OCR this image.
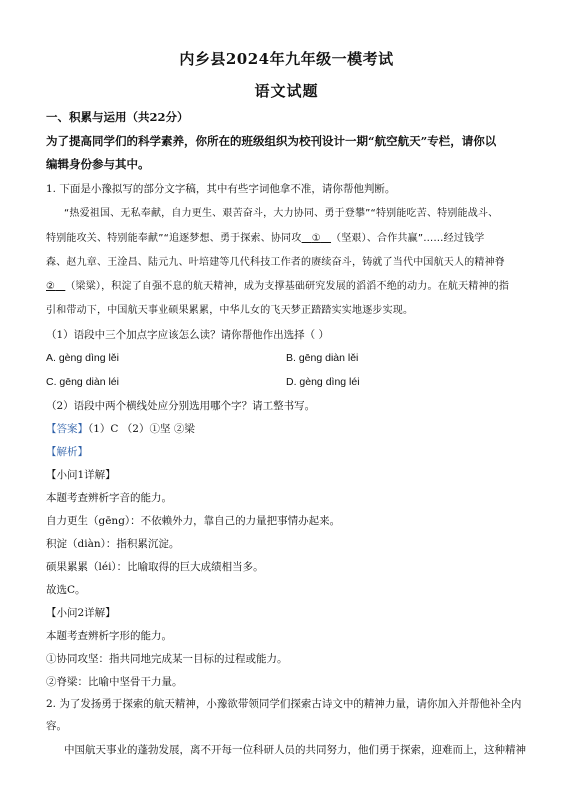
内乡县2024年九年级一模考试
语文试题
一、积累与运用（共22分）
为了提高同学们的科学素养，你所在的班级组织为校刊设计一期“航空航天”专栏，请你以
编辑身份参与其中。
1. 下面是小豫拟写的部分文字稿，其中有些字词他拿不准，请你帮他判断。
“热爱祖国、无私奉献，自力更生、艰苦奋斗，大力协同、勇于登攀”“特别能吃苦、特别能战斗、
特别能攻关、特别能奉献”“追逐梦想、勇于探索、协同攻 ① （坚艰）、合作共赢”……经过钱学
森、赵九章、王淦昌、陆元九、叶培建等几代科技工作者的赓续奋斗，铸就了当代中国航天人的精神脊
② （梁粱），积淀了自强不息的航天精神，成为支撑基础研究发展的滔滔不绝的动力。在航天精神的指
引和带动下，中国航天事业硕果累累，中华儿女的飞天梦正踏踏实实地逐步实现。
（1）语段中三个加点字应该怎么读？请你帮他作出选择（ ）
A. gèng dìng lěi	B. gēng diàn lěi
C. gēng diàn léi	D. gèng dìng léi
（2）语段中两个横线处应分别选用哪个字？请工整书写。
【答案】（1）C （2）①坚 ②梁
【解析】
【小问1详解】
本题考查辨析字音的能力。
自力更生（gēng）：不依赖外力，靠自己的力量把事情办起来。
积淀（diàn）：指积累沉淀。
硕果累累（léi）：比喻取得的巨大成绩相当多。
故选C。
【小问2详解】
本题考查辨析字形的能力。
①协同攻坚：指共同地完成某一目标的过程或能力。
②脊梁：比喻中坚骨干力量。
2. 为了发扬勇于探索的航天精神，小豫欲带领同学们探索古诗文中的精神力量，请你加入并帮他补全内
容。
中国航天事业的蓬勃发展，离不开每一位科研人员的共同努力，他们勇于探索，迎难而上，这种精神
